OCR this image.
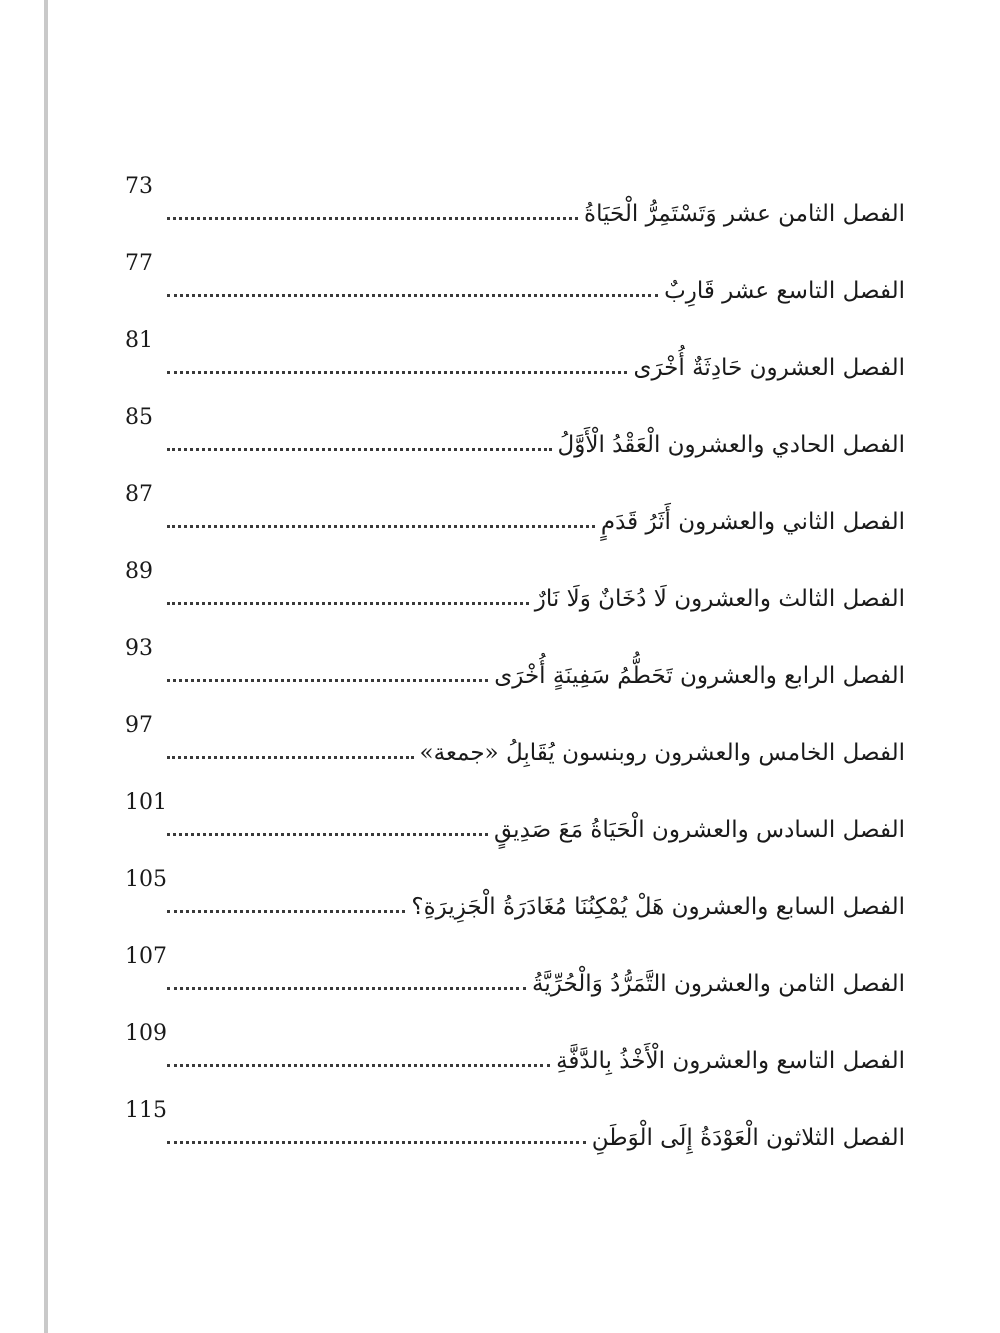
الفصل الثامن عشر وَتَسْتَمِرُّ الْحَيَاةُ
73
الفصل التاسع عشر قَارِبٌ
77
الفصل العشرون حَادِثَةٌ أُخْرَى
81
الفصل الحادي والعشرون الْعَقْدُ الْأَوَّلُ
85
الفصل الثاني والعشرون أَثَرُ قَدَمٍ
87
الفصل الثالث والعشرون لَا دُخَانٌ وَلَا نَارٌ
89
الفصل الرابع والعشرون تَحَطُّمُ سَفِينَةٍ أُخْرَى
93
الفصل الخامس والعشرون روبنسون يُقَابِلُ «جمعة»
97
الفصل السادس والعشرون الْحَيَاةُ مَعَ صَدِيقٍ
101
الفصل السابع والعشرون هَلْ يُمْكِنُنَا مُغَادَرَةُ الْجَزِيرَةِ؟
105
الفصل الثامن والعشرون التَّمَرُّدُ وَالْحُرِّيَّةُ
107
الفصل التاسع والعشرون الْأَخْذُ بِالدَّفَّةِ
109
الفصل الثلاثون الْعَوْدَةُ إِلَى الْوَطَنِ
115
